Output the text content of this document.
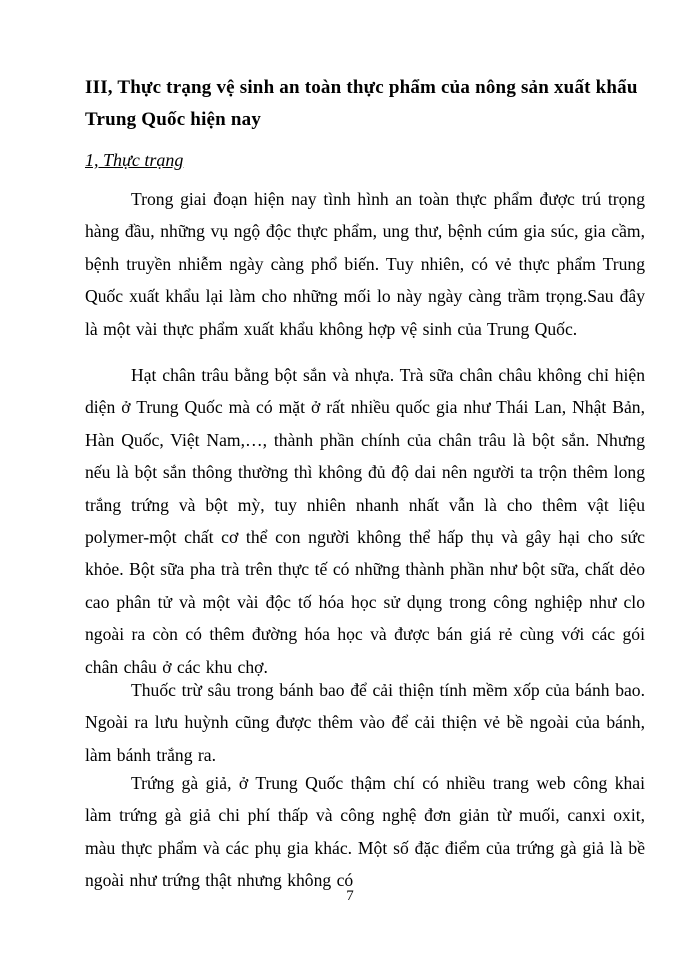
III, Thực trạng vệ sinh an toàn thực phẩm của nông sản xuất khẩu Trung Quốc hiện nay

1, Thực trạng

Trong giai đoạn hiện nay tình hình an toàn thực phẩm được trú trọng hàng đầu, những vụ ngộ độc thực phẩm, ung thư, bệnh cúm gia súc, gia cầm, bệnh truyền nhiễm ngày càng phổ biến. Tuy nhiên, có vẻ thực phẩm Trung Quốc xuất khẩu lại làm cho những mối lo này ngày càng trầm trọng.Sau đây là một vài thực phẩm xuất khẩu không hợp vệ sinh của Trung Quốc.

Hạt chân trâu bằng bột sắn và nhựa. Trà sữa chân châu không chỉ hiện diện ở Trung Quốc mà có mặt ở rất nhiều quốc gia như Thái Lan, Nhật Bản, Hàn Quốc, Việt Nam,…, thành phần chính của chân trâu là bột sắn. Nhưng nếu là bột sắn thông thường thì không đủ độ dai nên người ta trộn thêm long trắng trứng và bột mỳ, tuy nhiên nhanh nhất vẫn là cho thêm vật liệu polymer-một chất cơ thể con người không thể hấp thụ và gây hại cho sức khỏe. Bột sữa pha trà trên thực tế có những thành phần như bột sữa, chất dẻo cao phân tử và một vài độc tố hóa học sử dụng trong công nghiệp như clo ngoài ra còn có thêm đường hóa học và được bán giá rẻ cùng với các gói chân châu ở các khu chợ.

Thuốc trừ sâu trong bánh bao để cải thiện tính mềm xốp của bánh bao. Ngoài ra lưu huỳnh cũng được thêm vào để cải thiện vẻ bề ngoài của bánh, làm bánh trắng ra.

Trứng gà giả, ở Trung Quốc thậm chí có nhiều trang web công khai làm trứng gà giả chi phí thấp và công nghệ đơn giản từ muối, canxi oxit, màu thực phẩm và các phụ gia khác. Một số đặc điểm của trứng gà giả là bề ngoài như trứng thật nhưng không có

7
